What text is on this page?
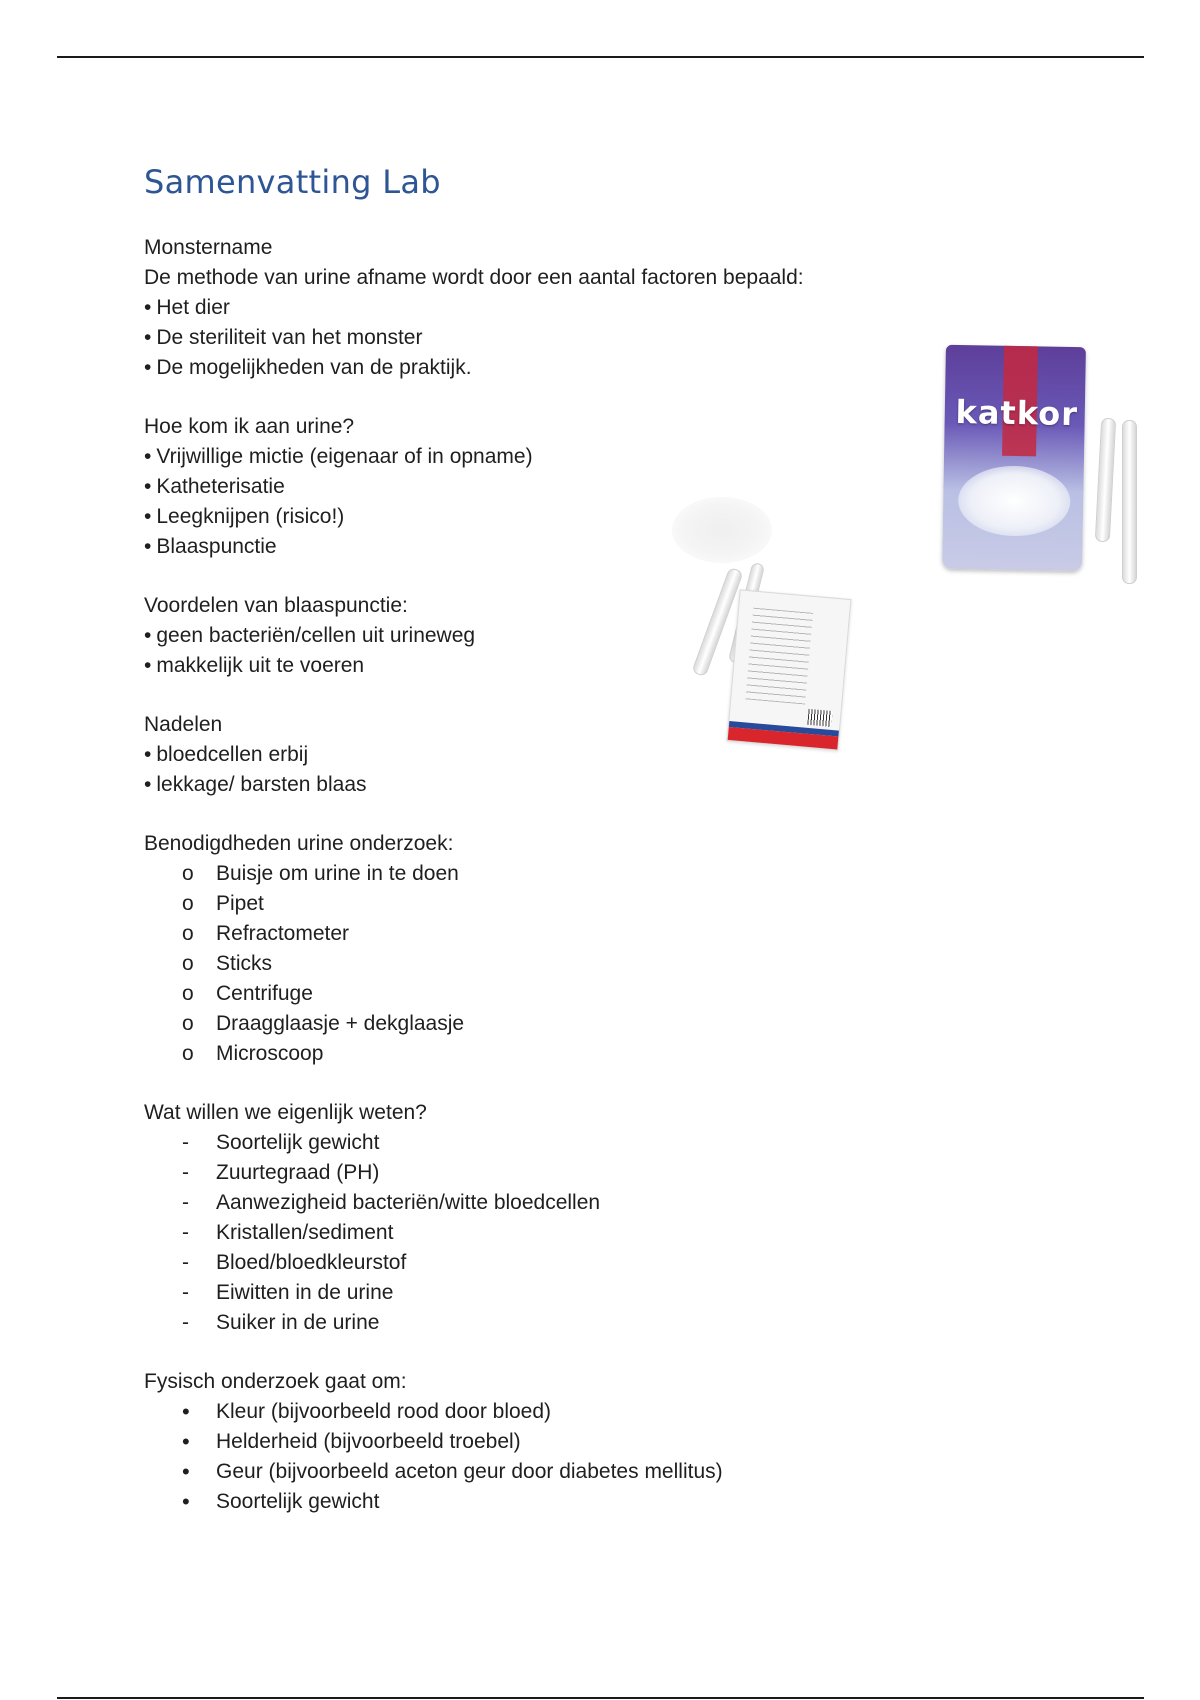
Samenvatting Lab
katkor
Monstername
De methode van urine afname wordt door een aantal factoren bepaald:
• Het dier
• De steriliteit van het monster
• De mogelijkheden van de praktijk.
Hoe kom ik aan urine?
• Vrijwillige mictie (eigenaar of in opname)
• Katheterisatie
• Leegknijpen (risico!)
• Blaaspunctie
Voordelen van blaaspunctie:
• geen bacteriën/cellen uit urineweg
• makkelijk uit te voeren
Nadelen
• bloedcellen erbij
• lekkage/ barsten blaas
Benodigdheden urine onderzoek:
o	Buisje om urine in te doen
o	Pipet
o	Refractometer
o	Sticks
o	Centrifuge
o	Draagglaasje + dekglaasje
o	Microscoop
Wat willen we eigenlijk weten?
-	Soortelijk gewicht
-	Zuurtegraad (PH)
-	Aanwezigheid bacteriën/witte bloedcellen
-	Kristallen/sediment
-	Bloed/bloedkleurstof
-	Eiwitten in de urine
-	Suiker in de urine
Fysisch onderzoek gaat om:
•	Kleur (bijvoorbeeld rood door bloed)
•	Helderheid (bijvoorbeeld troebel)
•	Geur (bijvoorbeeld aceton geur door diabetes mellitus)
•	Soortelijk gewicht
